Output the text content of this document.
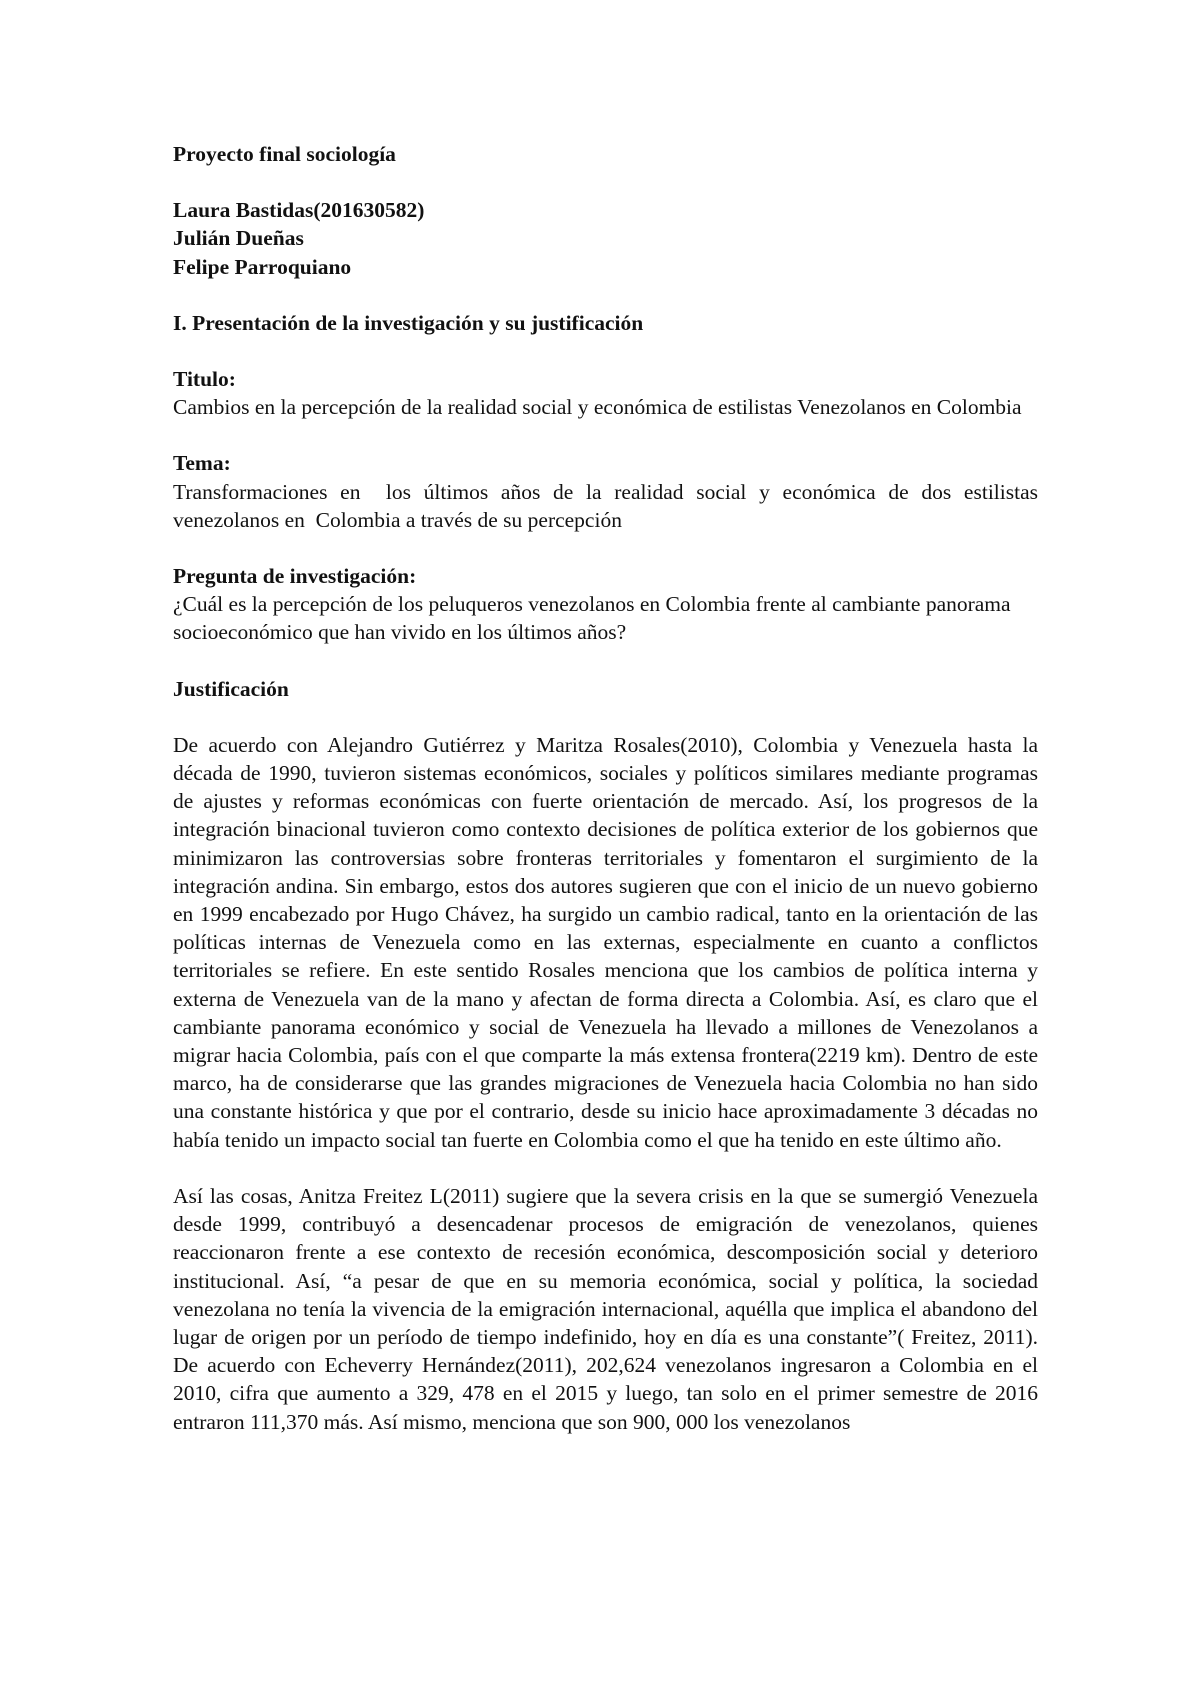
Proyecto final sociología

Laura Bastidas(201630582)
Julián Dueñas
Felipe Parroquiano

I. Presentación de la investigación y su justificación

Titulo:

Cambios en la percepción de la realidad social y económica de estilistas Venezolanos en Colombia

Tema:

Transformaciones en  los últimos años de la realidad social y económica de dos estilistas venezolanos en  Colombia a través de su percepción

Pregunta de investigación:

¿Cuál es la percepción de los peluqueros venezolanos en Colombia frente al cambiante panorama socioeconómico que han vivido en los últimos años?

Justificación

De acuerdo con Alejandro Gutiérrez y Maritza Rosales(2010), Colombia y Venezuela hasta la década de 1990, tuvieron sistemas económicos, sociales y políticos similares mediante programas de ajustes y reformas económicas con fuerte orientación de mercado. Así, los progresos de la integración binacional tuvieron como contexto decisiones de política exterior de los gobiernos que minimizaron las controversias sobre fronteras territoriales y fomentaron el surgimiento de la integración andina. Sin embargo, estos dos autores sugieren que con el inicio de un nuevo gobierno en 1999 encabezado por Hugo Chávez, ha surgido un cambio radical, tanto en la orientación de las políticas internas de Venezuela como en las externas, especialmente en cuanto a conflictos territoriales se refiere. En este sentido Rosales menciona que los cambios de política interna y externa de Venezuela van de la mano y afectan de forma directa a Colombia. Así, es claro que el cambiante panorama económico y social de Venezuela ha llevado a millones de Venezolanos a migrar hacia Colombia, país con el que comparte la más extensa frontera(2219 km). Dentro de este marco, ha de considerarse que las grandes migraciones de Venezuela hacia Colombia no han sido una constante histórica y que por el contrario, desde su inicio hace aproximadamente 3 décadas no había tenido un impacto social tan fuerte en Colombia como el que ha tenido en este último año.

Así las cosas, Anitza Freitez L(2011) sugiere que la severa crisis en la que se sumergió Venezuela desde 1999, contribuyó a desencadenar procesos de emigración de venezolanos, quienes reaccionaron frente a ese contexto de recesión económica, descomposición social y deterioro institucional. Así, “a pesar de que en su memoria económica, social y política, la sociedad venezolana no tenía la vivencia de la emigración internacional, aquélla que implica el abandono del lugar de origen por un período de tiempo indefinido, hoy en día es una constante”( Freitez, 2011). De acuerdo con Echeverry Hernández(2011), 202,624 venezolanos ingresaron a Colombia en el 2010, cifra que aumento a 329, 478 en el 2015 y luego, tan solo en el primer semestre de 2016 entraron 111,370 más. Así mismo, menciona que son 900, 000 los venezolanos
